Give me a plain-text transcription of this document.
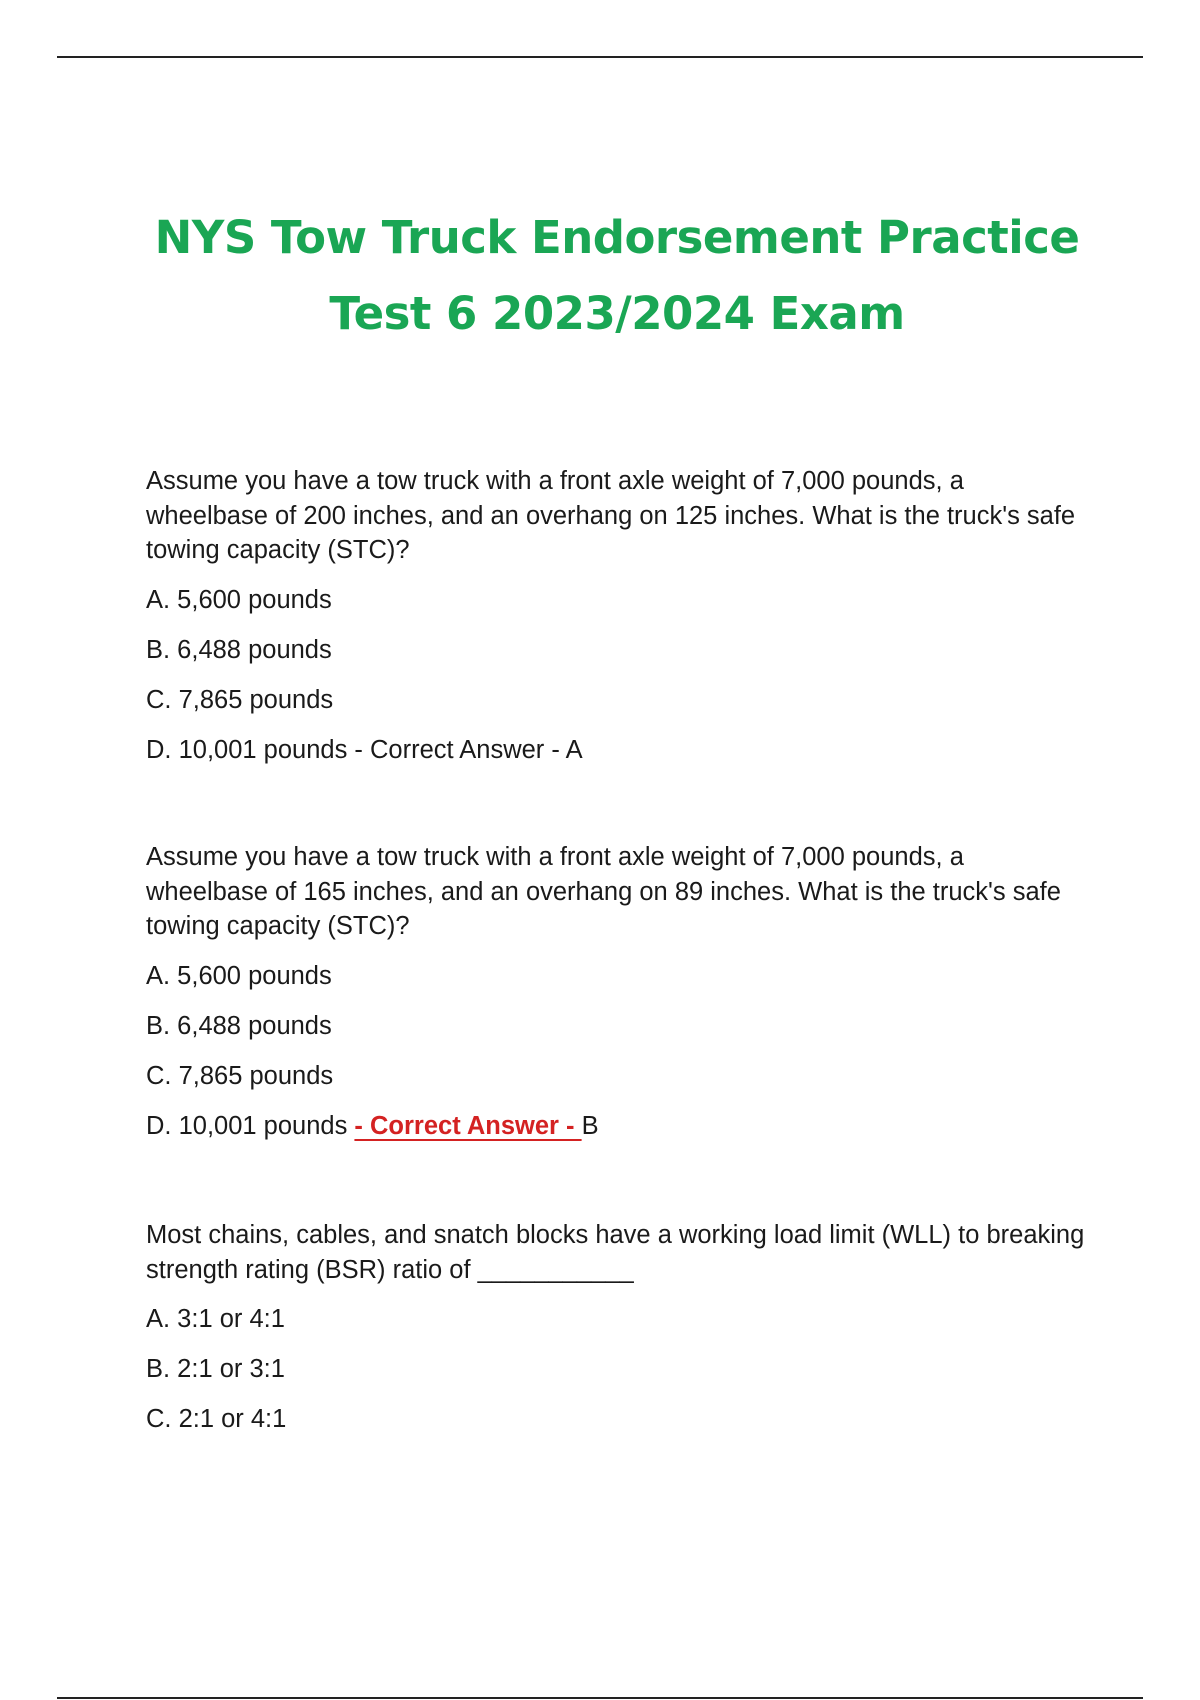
NYS Tow Truck Endorsement Practice
Test 6 2023/2024 Exam

Assume you have a tow truck with a front axle weight of 7,000 pounds, a wheelbase of 200 inches, and an overhang on 125 inches. What is the truck's safe towing capacity (STC)?

A. 5,600 pounds

B. 6,488 pounds

C. 7,865 pounds

D. 10,001 pounds - Correct Answer - A

Assume you have a tow truck with a front axle weight of 7,000 pounds, a wheelbase of 165 inches, and an overhang on 89 inches. What is the truck's safe towing capacity (STC)?

A. 5,600 pounds

B. 6,488 pounds

C. 7,865 pounds

D. 10,001 pounds - Correct Answer - B

Most chains, cables, and snatch blocks have a working load limit (WLL) to breaking strength rating (BSR) ratio of ___________

A. 3:1 or 4:1

B. 2:1 or 3:1

C. 2:1 or 4:1
